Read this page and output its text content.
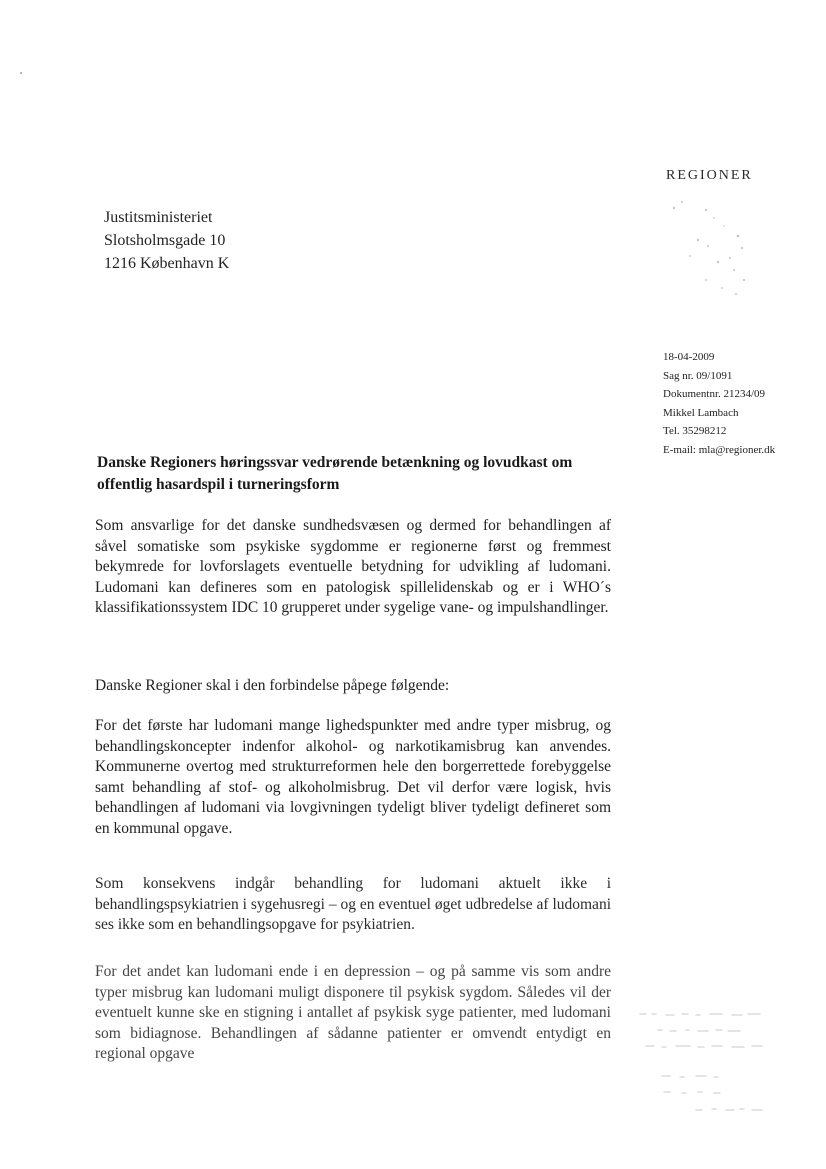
REGIONER
Justitsministeriet
Slotsholmsgade 10
1216 København K
18-04-2009
Sag nr. 09/1091
Dokumentnr. 21234/09
Mikkel Lambach
Tel. 35298212
E-mail: mla@regioner.dk
Danske Regioners høringssvar vedrørende betænkning og lovudkast om offentlig hasardspil i turneringsform
Som ansvarlige for det danske sundhedsvæsen og dermed for behandlingen af såvel somatiske som psykiske sygdomme er regionerne først og fremmest bekymrede for lovforslagets eventuelle betydning for udvikling af ludomani. Ludomani kan defineres som en patologisk spillelidenskab og er i WHO´s klassifikationssystem IDC 10 grupperet under sygelige vane- og impulshandlinger.
Danske Regioner skal i den forbindelse påpege følgende:
For det første har ludomani mange lighedspunkter med andre typer misbrug, og behandlingskoncepter indenfor alkohol- og narkotikamisbrug kan anvendes. Kommunerne overtog med strukturreformen hele den borgerrettede forebyggelse samt behandling af stof- og alkoholmisbrug. Det vil derfor være logisk, hvis behandlingen af ludomani via lovgivningen tydeligt bliver tydeligt defineret som en kommunal opgave.
Som konsekvens indgår behandling for ludomani aktuelt ikke i behandlingspsykiatrien i sygehusregi – og en eventuel øget udbredelse af ludomani ses ikke som en behandlingsopgave for psykiatrien.
For det andet kan ludomani ende i en depression – og på samme vis som andre typer misbrug kan ludomani muligt disponere til psykisk sygdom. Således vil der eventuelt kunne ske en stigning i antallet af psykisk syge patienter, med ludomani som bidiagnose. Behandlingen af sådanne patienter er omvendt entydigt en regional opgave
